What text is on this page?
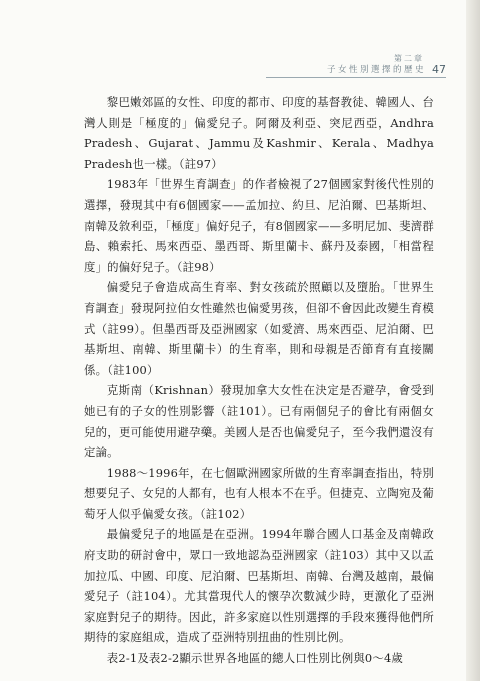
第二章
子女性別選擇的歷史 47

黎巴嫩郊區的女性、印度的都市、印度的基督教徒、韓國人、台灣人則是「極度的」偏愛兒子。阿爾及利亞、突尼西亞，Andhra Pradesh、Gujarat、Jammu及Kashmir、Kerala、Madhya Pradesh也一樣。（註97）

1983年「世界生育調查」的作者檢視了27個國家對後代性別的選擇，發現其中有6個國家——孟加拉、約旦、尼泊爾、巴基斯坦、南韓及敘利亞，「極度」偏好兒子，有8個國家——多明尼加、斐濟群島、賴索托、馬來西亞、墨西哥、斯里蘭卡、蘇丹及泰國，「相當程度」的偏好兒子。（註98）

偏愛兒子會造成高生育率、對女孩疏於照顧以及墮胎。「世界生育調查」發現阿拉伯女性雖然也偏愛男孩，但卻不會因此改變生育模式（註99）。但墨西哥及亞洲國家（如愛濟、馬來西亞、尼泊爾、巴基斯坦、南韓、斯里蘭卡）的生育率，則和母親是否節育有直接關係。（註100）

克斯南（Krishnan）發現加拿大女性在決定是否避孕，會受到她已有的子女的性別影響（註101）。已有兩個兒子的會比有兩個女兒的，更可能使用避孕藥。美國人是否也偏愛兒子，至今我們還沒有定論。

1988～1996年，在七個歐洲國家所做的生育率調查指出，特別想要兒子、女兒的人都有，也有人根本不在乎。但捷克、立陶宛及葡萄牙人似乎偏愛女孩。（註102）

最偏愛兒子的地區是在亞洲。1994年聯合國人口基金及南韓政府支助的研討會中，眾口一致地認為亞洲國家（註103）其中又以孟加拉瓜、中國、印度、尼泊爾、巴基斯坦、南韓、台灣及越南，最偏愛兒子（註104）。尤其當現代人的懷孕次數減少時，更激化了亞洲家庭對兒子的期待。因此，許多家庭以性別選擇的手段來獲得他們所期待的家庭組成，造成了亞洲特別扭曲的性別比例。

表2-1及表2-2顯示世界各地區的總人口性別比例與0～4歲
